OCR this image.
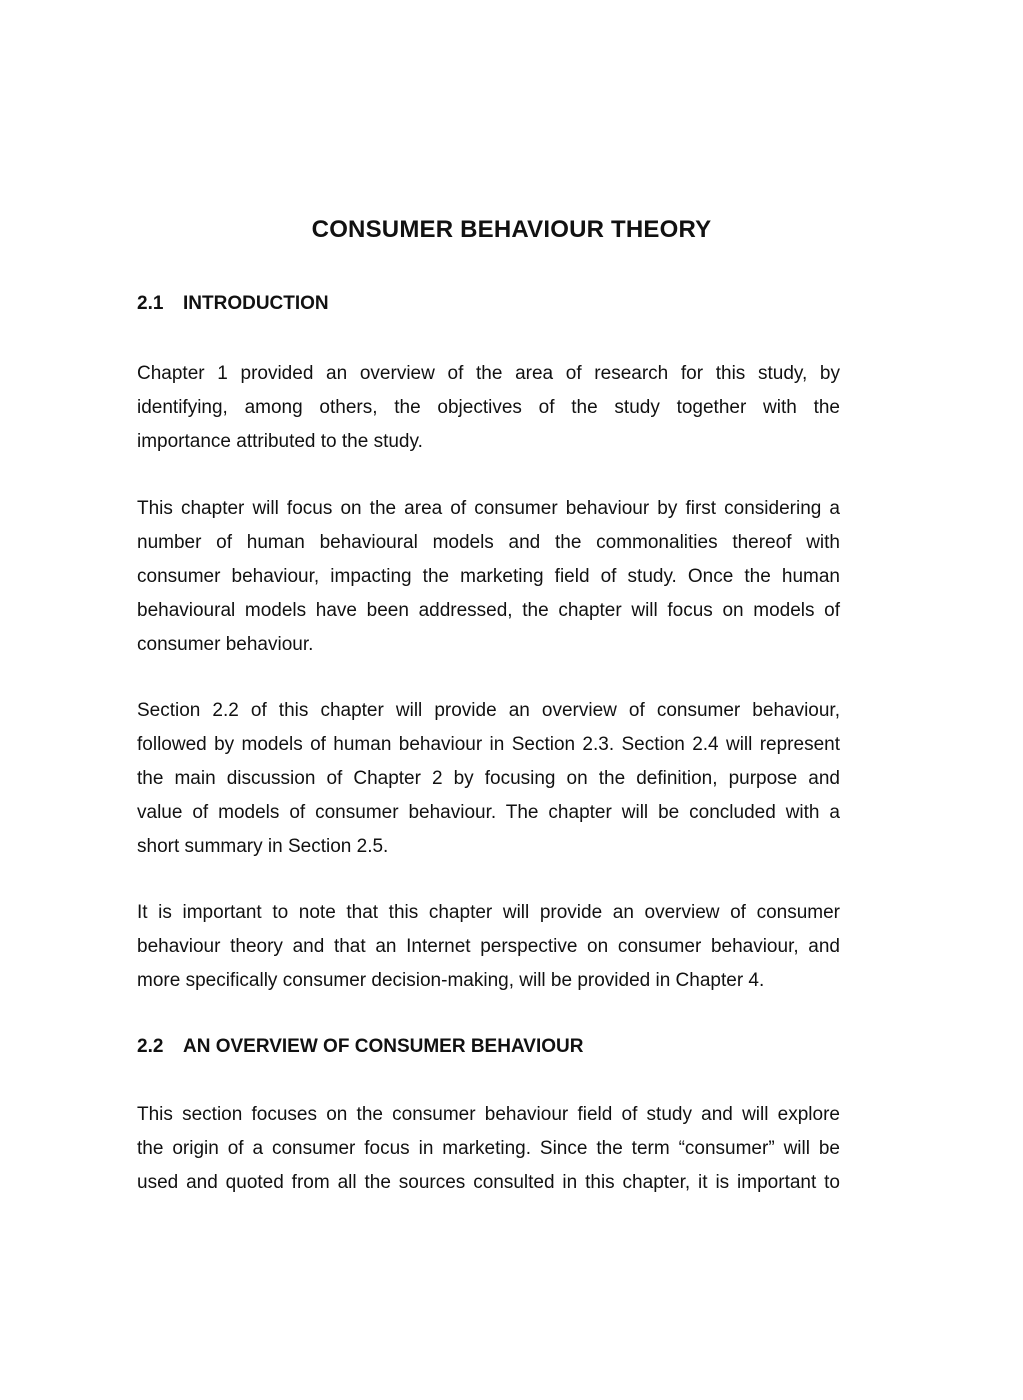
CONSUMER BEHAVIOUR THEORY
2.1 INTRODUCTION
Chapter 1 provided an overview of the area of research for this study, by
identifying, among others, the objectives of the study together with the
importance attributed to the study.
This chapter will focus on the area of consumer behaviour by first considering a
number of human behavioural models and the commonalities thereof with
consumer behaviour, impacting the marketing field of study. Once the human
behavioural models have been addressed, the chapter will focus on models of
consumer behaviour.
Section 2.2 of this chapter will provide an overview of consumer behaviour,
followed by models of human behaviour in Section 2.3. Section 2.4 will represent
the main discussion of Chapter 2 by focusing on the definition, purpose and
value of models of consumer behaviour. The chapter will be concluded with a
short summary in Section 2.5.
It is important to note that this chapter will provide an overview of consumer
behaviour theory and that an Internet perspective on consumer behaviour, and
more specifically consumer decision-making, will be provided in Chapter 4.
2.2 AN OVERVIEW OF CONSUMER BEHAVIOUR
This section focuses on the consumer behaviour field of study and will explore
the origin of a consumer focus in marketing. Since the term “consumer” will be
used and quoted from all the sources consulted in this chapter, it is important to
